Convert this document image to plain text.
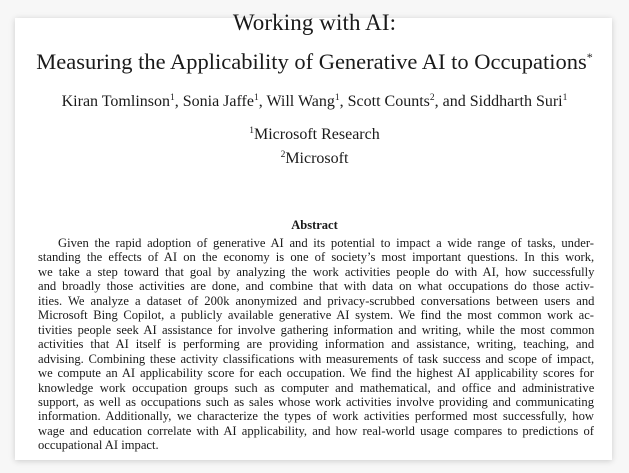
Working with AI:
Measuring the Applicability of Generative AI to Occupations*
Kiran Tomlinson$^1$, Sonia Jaffe$^1$, Will Wang$^1$, Scott Counts$^2$, and Siddharth Suri$^1$
$^1$Microsoft Research
$^2$Microsoft
Abstract
Given the rapid adoption of generative AI and its potential to impact a wide range of tasks, under-
standing the effects of AI on the economy is one of society’s most important questions. In this work,
we take a step toward that goal by analyzing the work activities people do with AI, how successfully
and broadly those activities are done, and combine that with data on what occupations do those activ-
ities. We analyze a dataset of 200k anonymized and privacy-scrubbed conversations between users and
Microsoft Bing Copilot, a publicly available generative AI system. We find the most common work ac-
tivities people seek AI assistance for involve gathering information and writing, while the most common
activities that AI itself is performing are providing information and assistance, writing, teaching, and
advising. Combining these activity classifications with measurements of task success and scope of impact,
we compute an AI applicability score for each occupation. We find the highest AI applicability scores for
knowledge work occupation groups such as computer and mathematical, and office and administrative
support, as well as occupations such as sales whose work activities involve providing and communicating
information. Additionally, we characterize the types of work activities performed most successfully, how
wage and education correlate with AI applicability, and how real-world usage compares to predictions of
occupational AI impact.
